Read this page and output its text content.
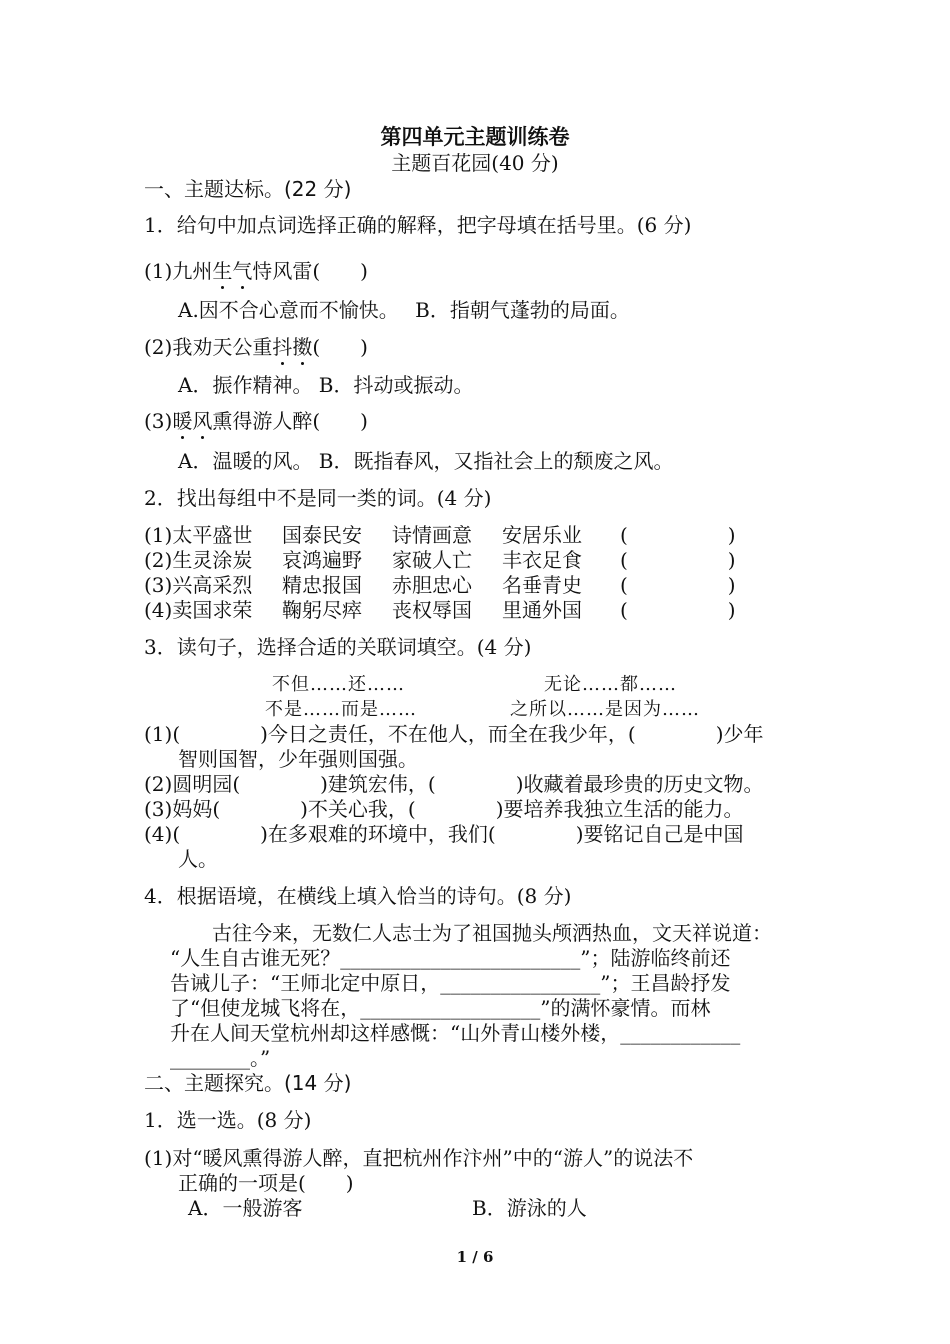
第四单元主题训练卷
主题百花园(40 分)
一、主题达标。(22 分)
1．给句中加点词选择正确的解释，把字母填在括号里。(6 分)
(1)九州生气恃风雷(　　)
A.因不合心意而不愉快。　 B．指朝气蓬勃的局面。
(2)我劝天公重抖擞(　　)
A．振作精神。 B．抖动或振动。
(3)暖风熏得游人醉(　　)
A．温暖的风。 B．既指春风，又指社会上的颓废之风。
2．找出每组中不是同一类的词。(4 分)
(1)太平盛世 国泰民安 诗情画意 安居乐业 (　　　　　)
(2)生灵涂炭 哀鸿遍野 家破人亡 丰衣足食 (　　　　　)
(3)兴高采烈 精忠报国 赤胆忠心 名垂青史 (　　　　　)
(4)卖国求荣 鞠躬尽瘁 丧权辱国 里通外国 (　　　　　)
3．读句子，选择合适的关联词填空。(4 分)
不但……还……	无论……都……
不是……而是……	之所以……是因为……
(1)(　　　　)今日之责任，不在他人，而全在我少年，(　　　　)少年
智则国智，少年强则国强。
(2)圆明园(　　　　)建筑宏伟，(　　　　)收藏着最珍贵的历史文物。
(3)妈妈(　　　　)不关心我，(　　　　)要培养我独立生活的能力。
(4)(　　　　)在多艰难的环境中，我们(　　　　)要铭记自己是中国
人。
4．根据语境，在横线上填入恰当的诗句。(8 分)
古往今来，无数仁人志士为了祖国抛头颅洒热血，文天祥说道：
“人生自古谁无死？________________________”；陆游临终前还
告诫儿子：“王师北定中原日，________________”；王昌龄抒发
了“但使龙城飞将在，__________________”的满怀豪情。而林
升在人间天堂杭州却这样感慨：“山外青山楼外楼，____________
________。”
二、主题探究。(14 分)
1．选一选。(8 分)
(1)对“暖风熏得游人醉，直把杭州作汴州”中的“游人”的说法不
正确的一项是(　　)
A．一般游客	B．游泳的人
1 / 6
